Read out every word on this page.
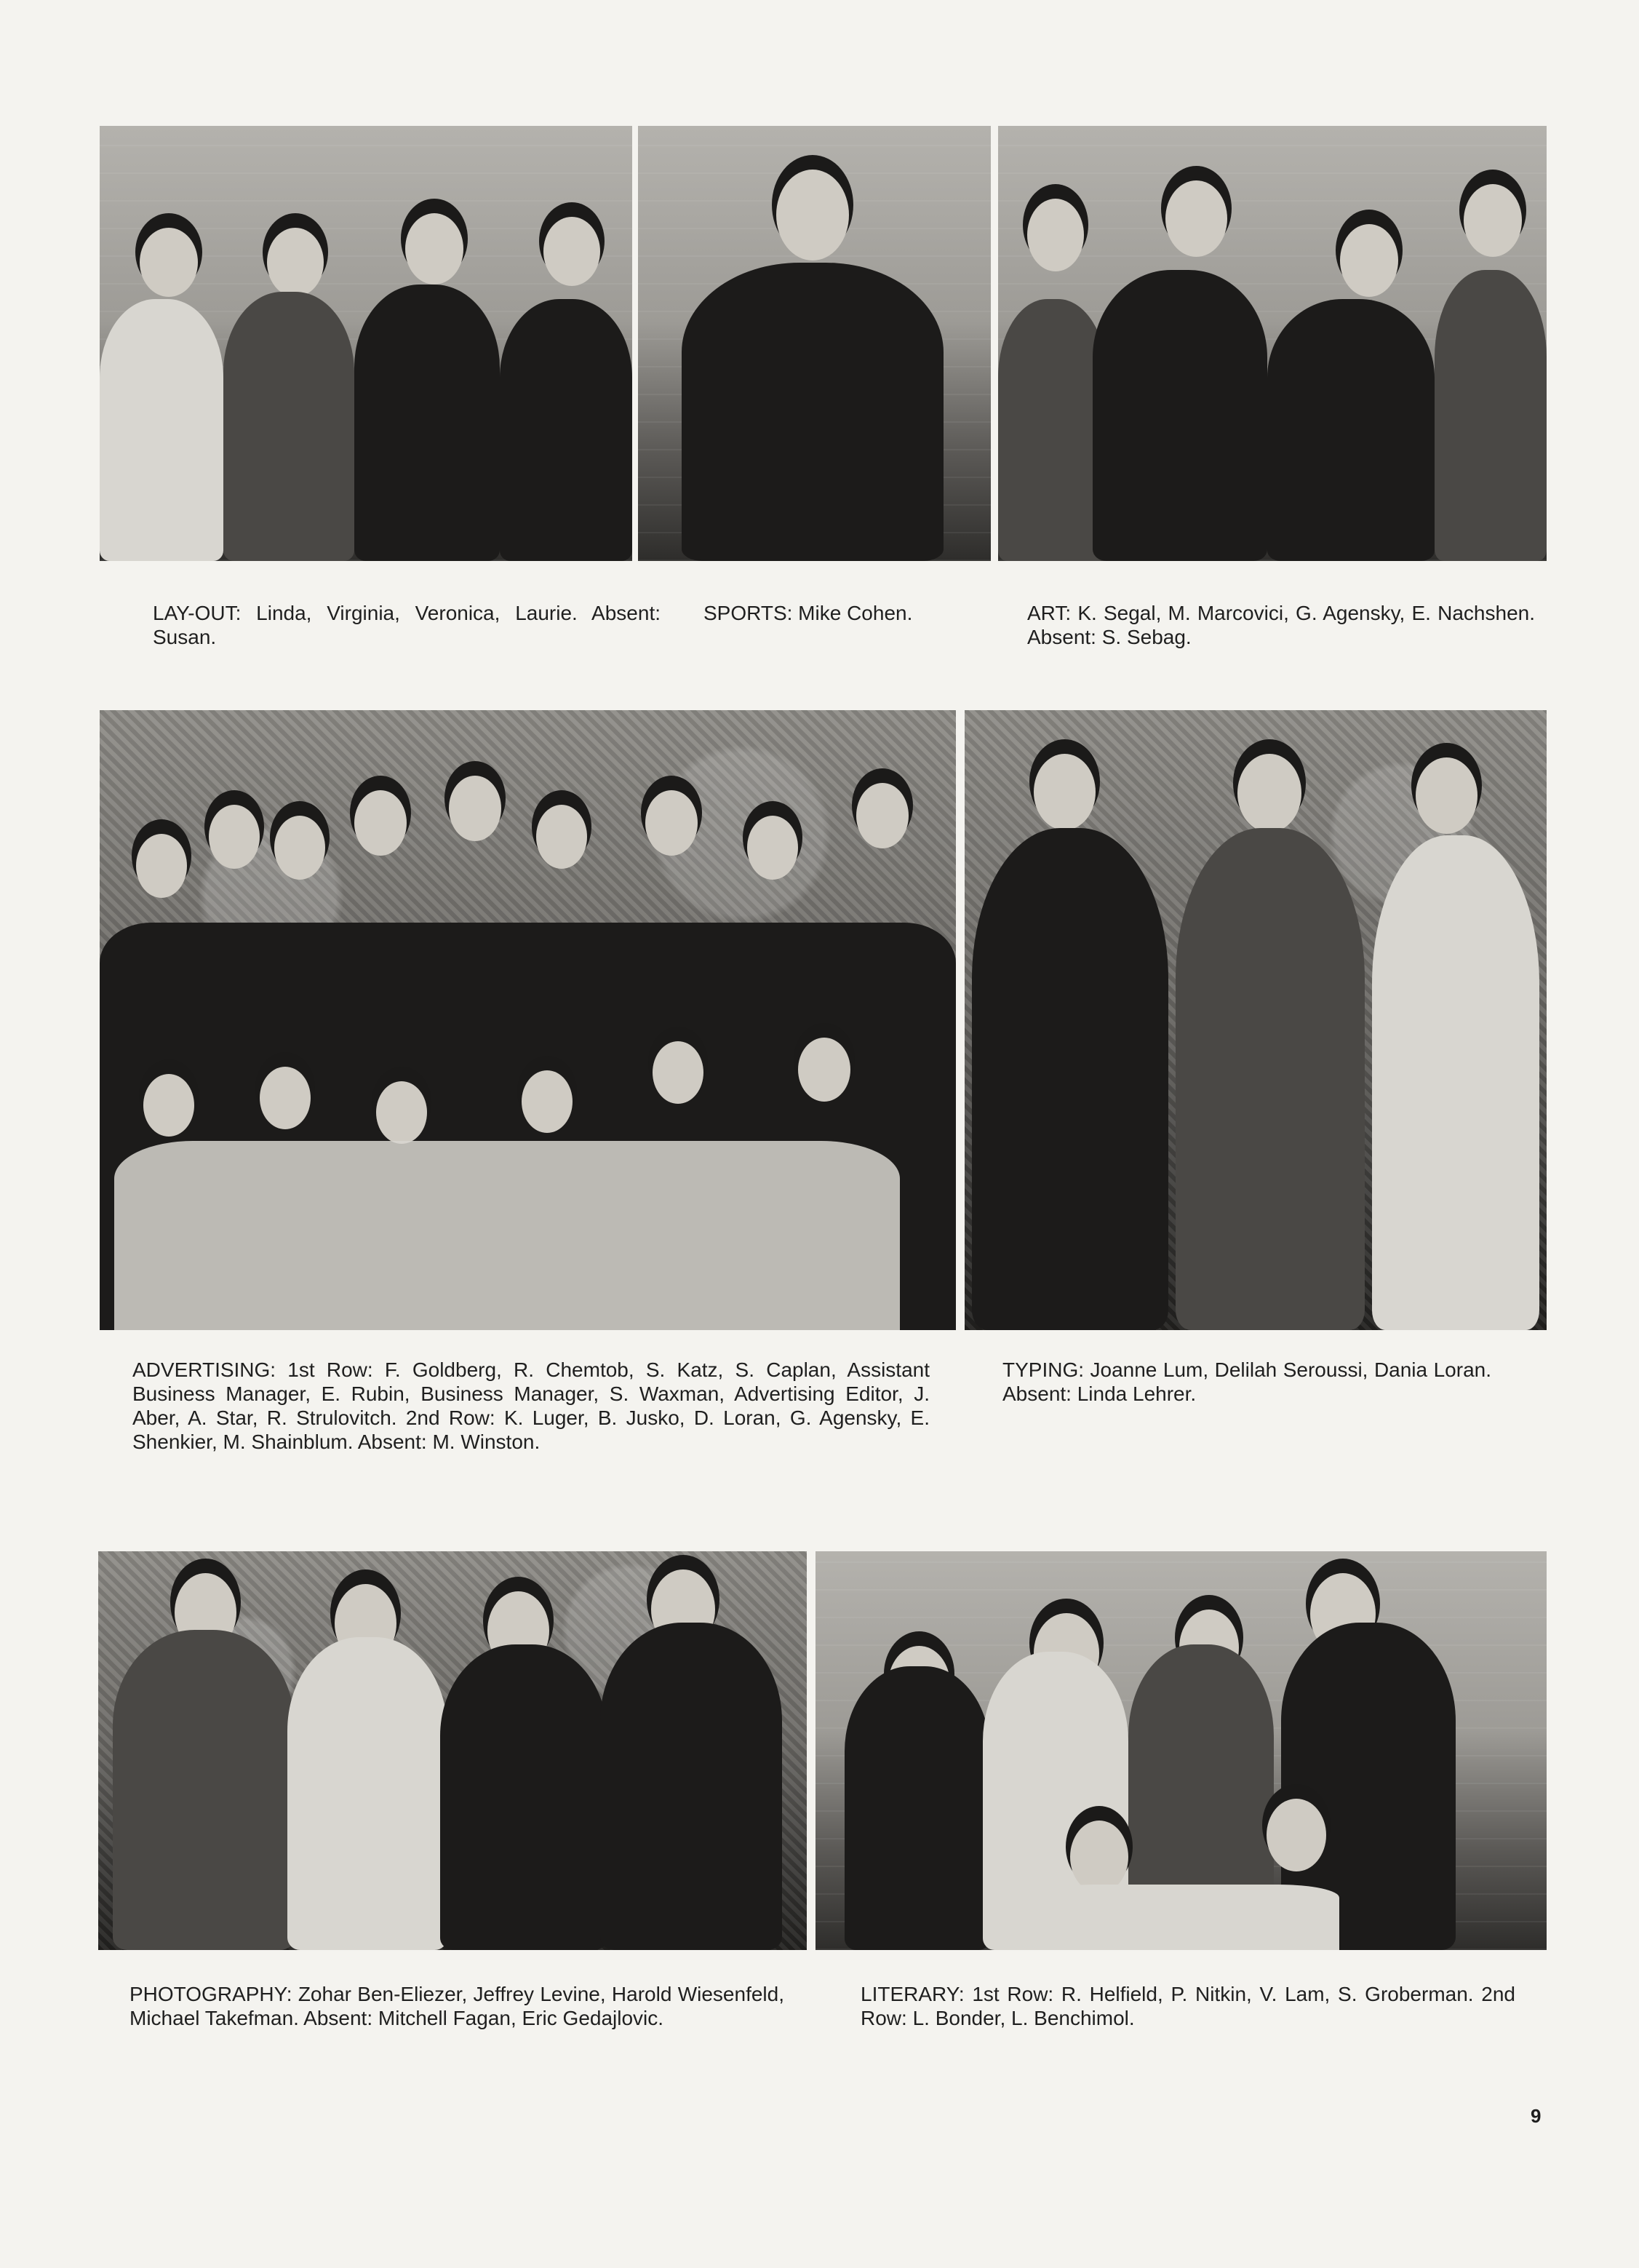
LAY-OUT: Linda, Virginia, Veronica, Laurie. Absent: Susan.

SPORTS: Mike Cohen.	ART: K. Segal, M. Marcovici, G. Agensky, E. Nachshen. Absent: S. Sebag.

ADVERTISING: 1st Row: F. Goldberg, R. Chemtob, S. Katz, S. Caplan, Assistant Business Manager, E. Rubin, Business Manager, S. Waxman, Advertising Editor, J. Aber, A. Star, R. Strulovitch. 2nd Row: K. Luger, B. Jusko, D. Loran, G. Agensky, E. Shenkier, M. Shainblum. Absent: M. Winston.

TYPING: Joanne Lum, Delilah Seroussi, Dania Loran. Absent: Linda Lehrer.

PHOTOGRAPHY: Zohar Ben-Eliezer, Jeffrey Levine, Harold Wiesenfeld, Michael Takefman. Absent: Mitchell Fagan, Eric Gedajlovic.

LITERARY: 1st Row: R. Helfield, P. Nitkin, V. Lam, S. Groberman. 2nd Row: L. Bonder, L. Benchimol.

9
